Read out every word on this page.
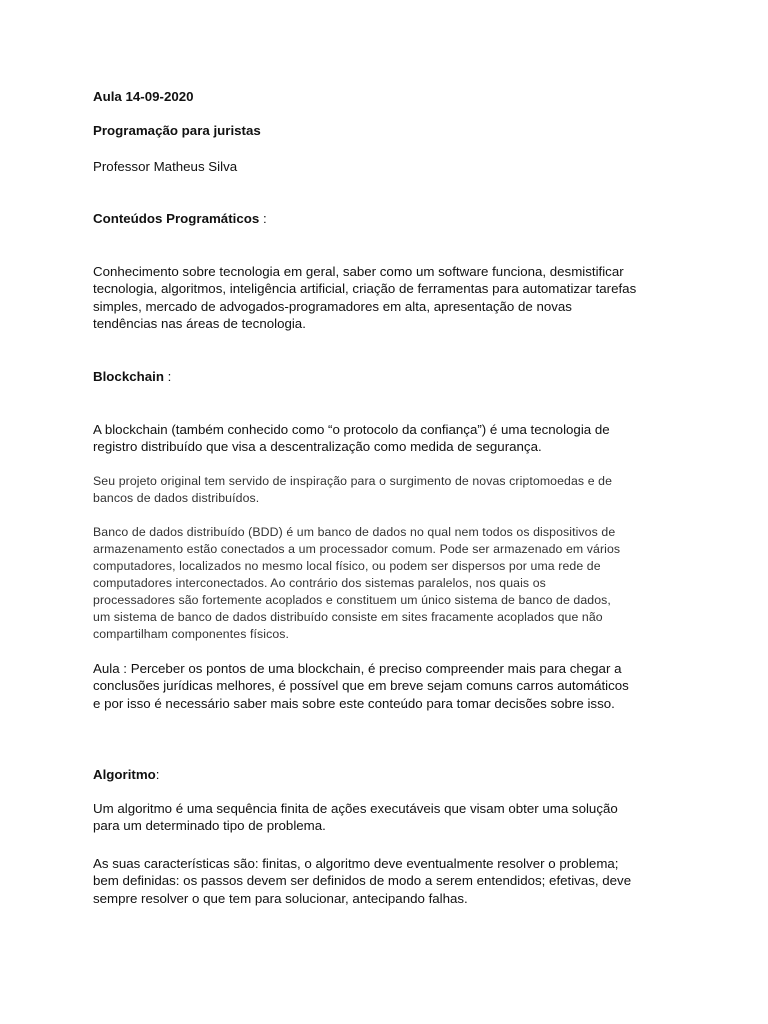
Aula 14-09-2020
Programação para juristas
Professor Matheus Silva
Conteúdos Programáticos :
Conhecimento sobre tecnologia em geral, saber como um software funciona, desmistificar
tecnologia, algoritmos, inteligência artificial, criação de ferramentas para automatizar tarefas
simples, mercado de advogados-programadores em alta, apresentação de novas
tendências nas áreas de tecnologia.
Blockchain :
A blockchain (também conhecido como “o protocolo da confiança”) é uma tecnologia de
registro distribuído que visa a descentralização como medida de segurança.
Seu projeto original tem servido de inspiração para o surgimento de novas criptomoedas e de
bancos de dados distribuídos.
Banco de dados distribuído (BDD) é um banco de dados no qual nem todos os dispositivos de
armazenamento estão conectados a um processador comum. Pode ser armazenado em vários
computadores, localizados no mesmo local físico, ou podem ser dispersos por uma rede de
computadores interconectados. Ao contrário dos sistemas paralelos, nos quais os
processadores são fortemente acoplados e constituem um único sistema de banco de dados,
um sistema de banco de dados distribuído consiste em sites fracamente acoplados que não
compartilham componentes físicos.
Aula : Perceber os pontos de uma blockchain, é preciso compreender mais para chegar a
conclusões jurídicas melhores, é possível que em breve sejam comuns carros automáticos
e por isso é necessário saber mais sobre este conteúdo para tomar decisões sobre isso.
Algoritmo:
Um algoritmo é uma sequência finita de ações executáveis que visam obter uma solução
para um determinado tipo de problema.
As suas características são: finitas, o algoritmo deve eventualmente resolver o problema;
bem definidas: os passos devem ser definidos de modo a serem entendidos; efetivas, deve
sempre resolver o que tem para solucionar, antecipando falhas.
